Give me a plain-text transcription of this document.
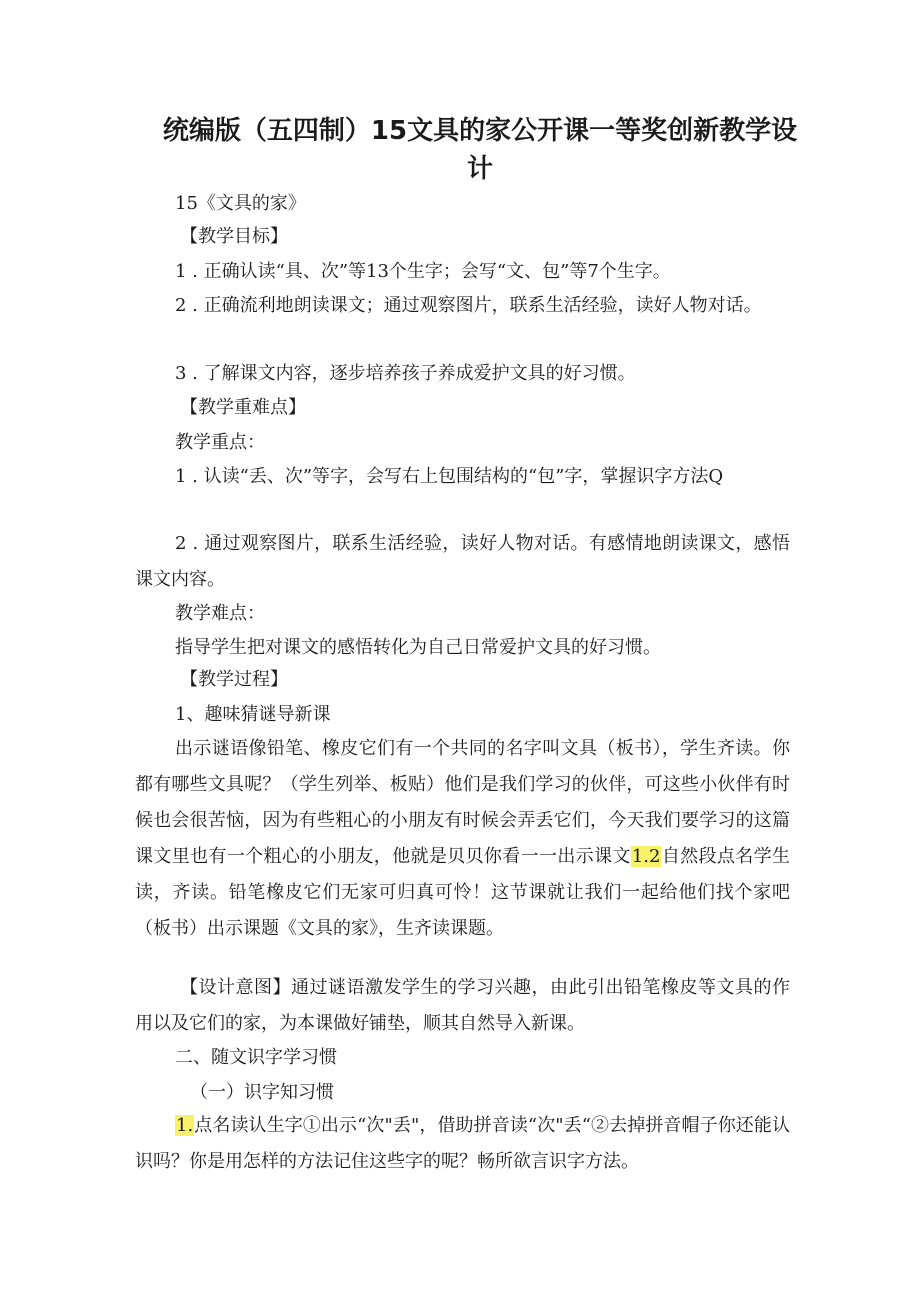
统编版（五四制）15文具的家公开课一等奖创新教学设
计
15《文具的家》
【教学目标】
1 . 正确认读“具、次”等13个生字；会写“文、包”等7个生字。
2 . 正确流利地朗读课文；通过观察图片，联系生活经验，读好人物对话。
3 . 了解课文内容，逐步培养孩子养成爱护文具的好习惯。
【教学重难点】
教学重点：
1 . 认读“丢、次”等字，会写右上包围结构的“包”字，掌握识字方法Q
2 . 通过观察图片，联系生活经验，读好人物对话。有感情地朗读课文，感悟课文内容。
教学难点：
指导学生把对课文的感悟转化为自己日常爱护文具的好习惯。
【教学过程】
1、趣味猜谜导新课
出示谜语像铅笔、橡皮它们有一个共同的名字叫文具（板书），学生齐读。你都有哪些文具呢？（学生列举、板贴）他们是我们学习的伙伴，可这些小伙伴有时候也会很苦恼，因为有些粗心的小朋友有时候会弄丢它们，今天我们要学习的这篇课文里也有一个粗心的小朋友，他就是贝贝你看一一出示课文1.2自然段点名学生读，齐读。铅笔橡皮它们无家可归真可怜！这节课就让我们一起给他们找个家吧（板书）出示课题《文具的家》，生齐读课题。
【设计意图】通过谜语激发学生的学习兴趣，由此引出铅笔橡皮等文具的作用以及它们的家，为本课做好铺垫，顺其自然导入新课。
二、随文识字学习惯
（一）识字知习惯
1.点名读认生字①出示“次"丢"，借助拼音读“次"丢“②去掉拼音帽子你还能认识吗？你是用怎样的方法记住这些字的呢？畅所欲言识字方法。
